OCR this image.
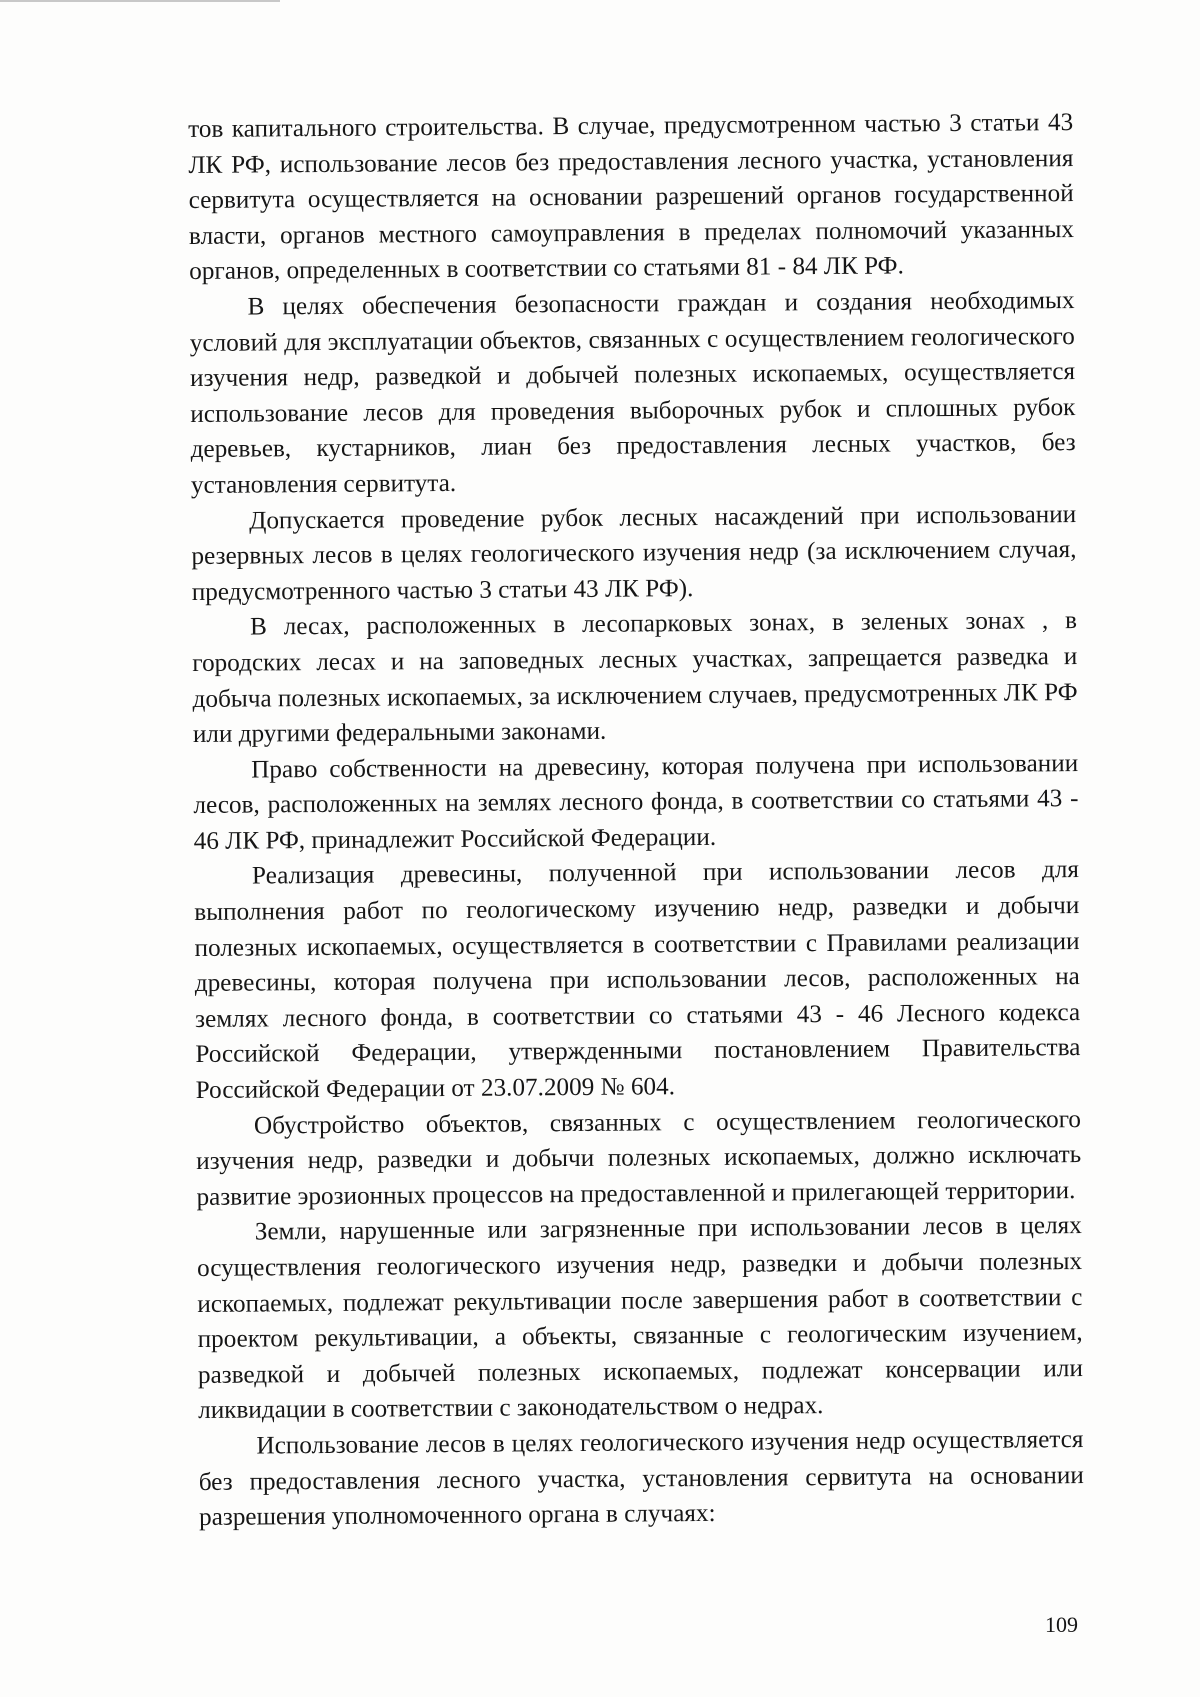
тов капитального строительства. В случае, предусмотренном частью 3 статьи 43 ЛК РФ, использование лесов без предоставления лесного участка, установления сервитута осуществляется на основании разрешений органов государственной власти, органов местного самоуправления в пределах полномочий указанных органов, определенных в соответствии со статьями 81 - 84 ЛК РФ.

В целях обеспечения безопасности граждан и создания необходимых условий для эксплуатации объектов, связанных с осуществлением геологического изучения недр, разведкой и добычей полезных ископаемых, осуществляется использование лесов для проведения выборочных рубок и сплошных рубок деревьев, кустарников, лиан без предоставления лесных участков, без установления сервитута.

Допускается проведение рубок лесных насаждений при использовании резервных лесов в целях геологического изучения недр (за исключением случая, предусмотренного частью 3 статьи 43 ЛК РФ).

В лесах, расположенных в лесопарковых зонах, в зеленых зонах , в городских лесах и на заповедных лесных участках, запрещается разведка и добыча полезных ископаемых, за исключением случаев, предусмотренных ЛК РФ или другими федеральными законами.

Право собственности на древесину, которая получена при использовании лесов, расположенных на землях лесного фонда, в соответствии со статьями 43 - 46 ЛК РФ, принадлежит Российской Федерации.

Реализация древесины, полученной при использовании лесов для выполнения работ по геологическому изучению недр, разведки и добычи полезных ископаемых, осуществляется в соответствии с Правилами реализации древесины, которая получена при использовании лесов, расположенных на землях лесного фонда, в соответствии со статьями 43 - 46 Лесного кодекса Российской Федерации, утвержденными постановлением Правительства Российской Федерации от 23.07.2009 № 604.

Обустройство объектов, связанных с осуществлением геологического изучения недр, разведки и добычи полезных ископаемых, должно исключать развитие эрозионных процессов на предоставленной и прилегающей территории.

Земли, нарушенные или загрязненные при использовании лесов в целях осуществления геологического изучения недр, разведки и добычи полезных ископаемых, подлежат рекультивации после завершения работ в соответствии с проектом рекультивации, а объекты, связанные с геологическим изучением, разведкой и добычей полезных ископаемых, подлежат консервации или ликвидации в соответствии с законодательством о недрах.

Использование лесов в целях геологического изучения недр осуществляется без предоставления лесного участка, установления сервитута на основании разрешения уполномоченного органа в случаях:

109
